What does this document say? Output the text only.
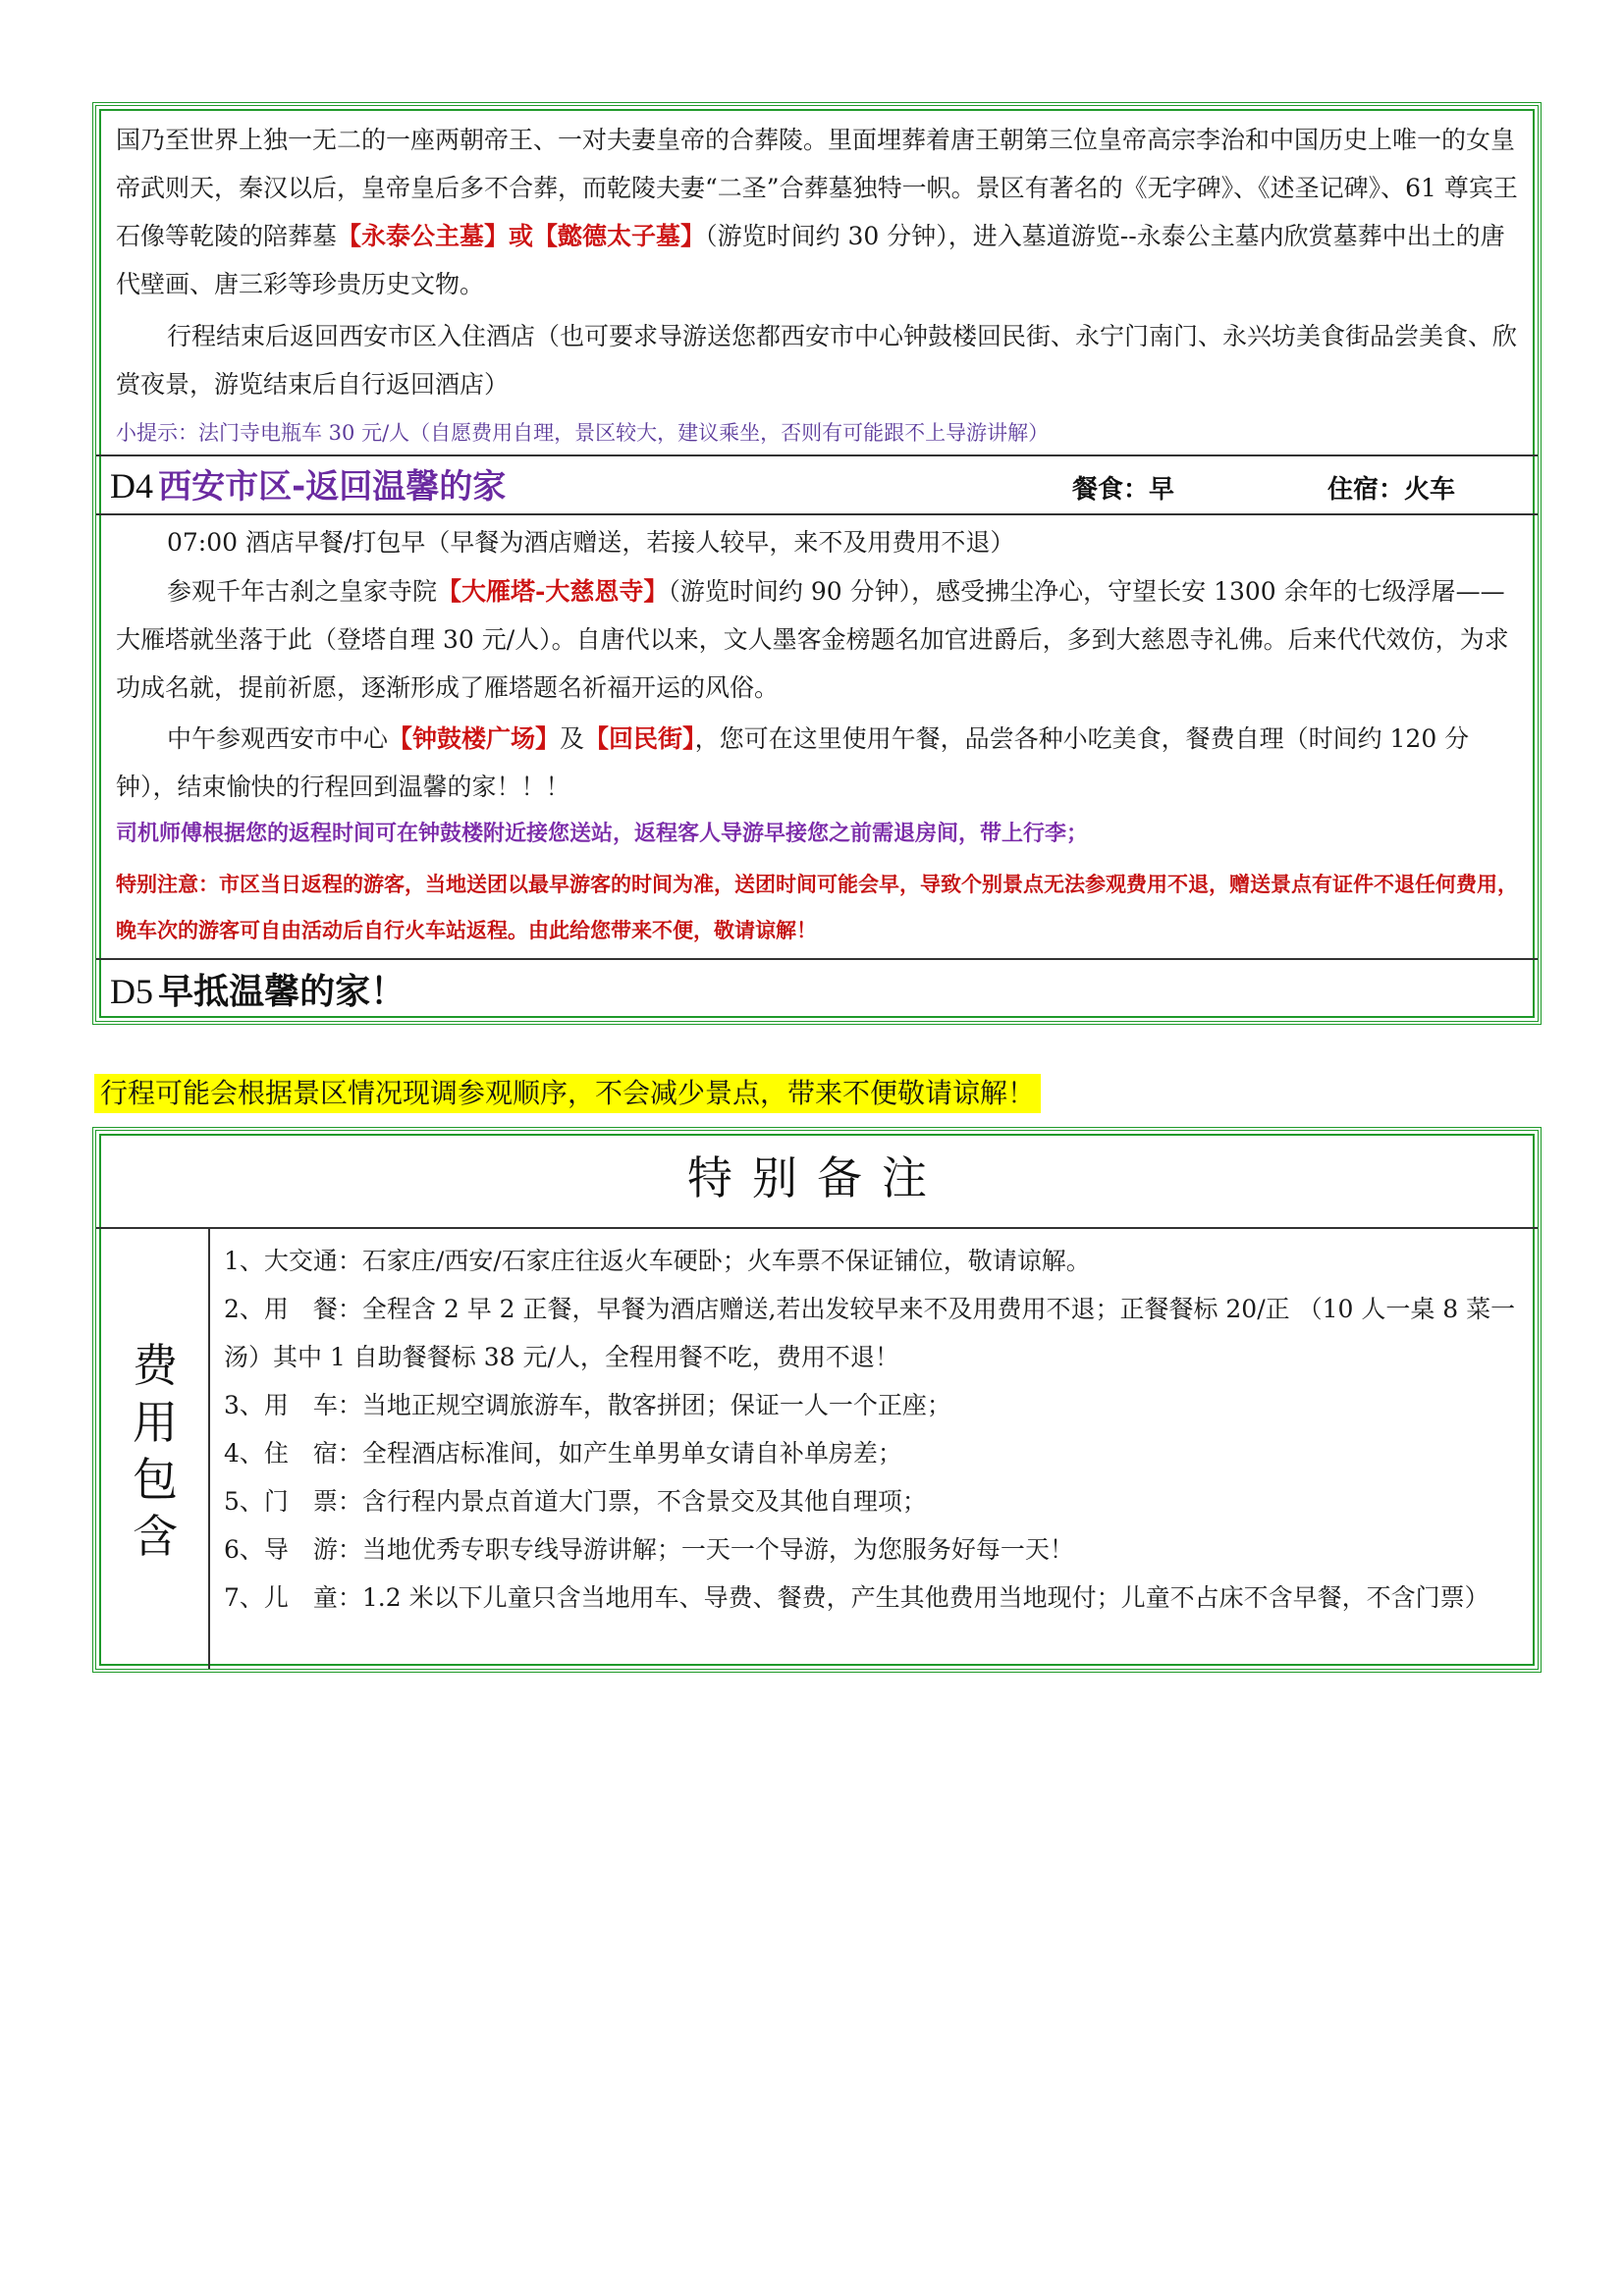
国乃至世界上独一无二的一座两朝帝王、一对夫妻皇帝的合葬陵。里面埋葬着唐王朝第三位皇帝高宗李治和中国历史上唯一的女皇帝武则天，秦汉以后，皇帝皇后多不合葬，而乾陵夫妻“二圣”合葬墓独特一帜。景区有著名的《无字碑》、《述圣记碑》、61 尊宾王石像等乾陵的陪葬墓【永泰公主墓】或【懿德太子墓】（游览时间约 30 分钟），进入墓道游览--永泰公主墓内欣赏墓葬中出土的唐代壁画、唐三彩等珍贵历史文物。

行程结束后返回西安市区入住酒店（也可要求导游送您都西安市中心钟鼓楼回民街、永宁门南门、永兴坊美食街品尝美食、欣赏夜景，游览结束后自行返回酒店）

小提示：法门寺电瓶车 30 元/人（自愿费用自理，景区较大，建议乘坐，否则有可能跟不上导游讲解）
D4 西安市区-返回温馨的家	餐食：早	住宿：火车

07:00 酒店早餐/打包早（早餐为酒店赠送，若接人较早，来不及用费用不退）

参观千年古刹之皇家寺院【大雁塔-大慈恩寺】（游览时间约 90 分钟），感受拂尘净心，守望长安 1300 余年的七级浮屠——大雁塔就坐落于此（登塔自理 30 元/人）。自唐代以来，文人墨客金榜题名加官进爵后，多到大慈恩寺礼佛。后来代代效仿，为求功成名就，提前祈愿，逐渐形成了雁塔题名祈福开运的风俗。

中午参观西安市中心【钟鼓楼广场】及【回民街】，您可在这里使用午餐，品尝各种小吃美食，餐费自理（时间约 120 分钟），结束愉快的行程回到温馨的家！！！

司机师傅根据您的返程时间可在钟鼓楼附近接您送站，返程客人导游早接您之前需退房间，带上行李；
特别注意：市区当日返程的游客，当地送团以最早游客的时间为准，送团时间可能会早，导致个别景点无法参观费用不退，赠送景点有证件不退任何费用，晚车次的游客可自由活动后自行火车站返程。由此给您带来不便，敬请谅解！
D5 早抵温馨的家！
行程可能会根据景区情况现调参观顺序，不会减少景点，带来不便敬请谅解！
特别备注
费
用
包
含
1、大交通：石家庄/西安/石家庄往返火车硬卧；火车票不保证铺位，敬请谅解。
2、用　餐：全程含 2 早 2 正餐，早餐为酒店赠送,若出发较早来不及用费用不退；正餐餐标 20/正 （10 人一桌 8 菜一汤）其中 1 自助餐餐标 38 元/人，全程用餐不吃，费用不退！
3、用　车：当地正规空调旅游车，散客拼团；保证一人一个正座；
4、住　宿：全程酒店标准间，如产生单男单女请自补单房差；
5、门　票：含行程内景点首道大门票，不含景交及其他自理项；
6、导　游：当地优秀专职专线导游讲解；一天一个导游，为您服务好每一天！
7、儿　童：1.2 米以下儿童只含当地用车、导费、餐费，产生其他费用当地现付；儿童不占床不含早餐，不含门票）
